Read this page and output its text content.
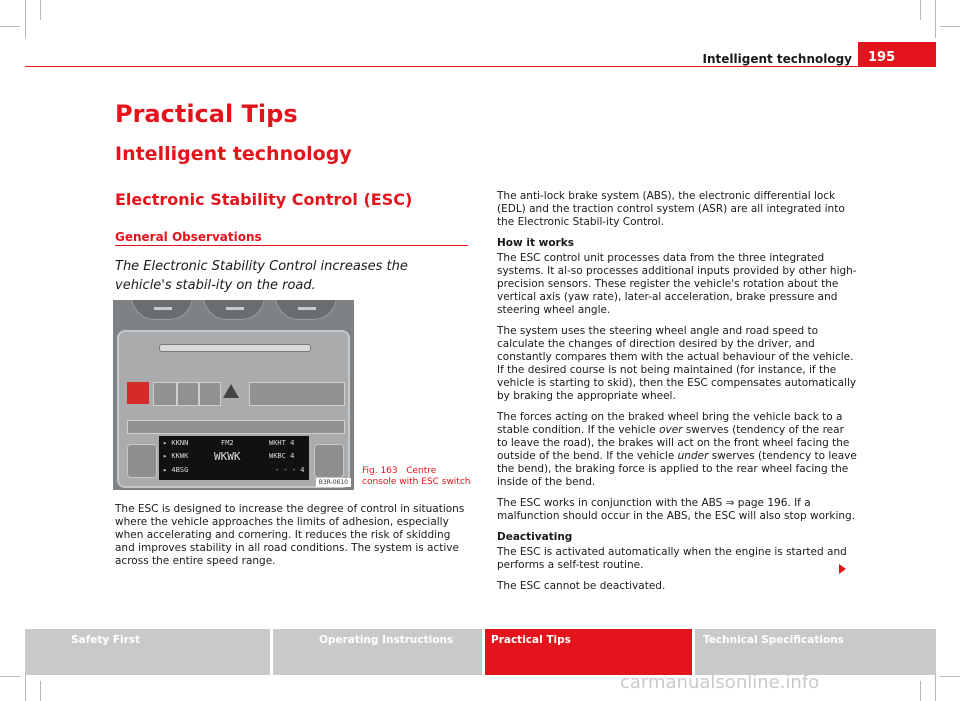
Intelligent technology	195
Practical Tips
Intelligent technology
Electronic Stability Control (ESC)
General Observations
The Electronic Stability Control increases the vehicle's stabil-ity on the road.
▸ KKNN	FM2	WKHT 4
▸ KKWK WKWK	WKBC 4
▸ 4BSG	- - - 4
B3R-0610
Fig. 163 Centre console with ESC switch

The ESC is designed to increase the degree of control in situations where the vehicle approaches the limits of adhesion, especially when accelerating and cornering. It reduces the risk of skidding and improves stability in all road conditions. The system is active across the entire speed range.

The anti-lock brake system (ABS), the electronic differential lock (EDL) and the traction control system (ASR) are all integrated into the Electronic Stabil-ity Control.

How it works

The ESC control unit processes data from the three integrated systems. It al-so processes additional inputs provided by other high-precision sensors. These register the vehicle's rotation about the vertical axis (yaw rate), later-al acceleration, brake pressure and steering wheel angle.

The system uses the steering wheel angle and road speed to calculate the changes of direction desired by the driver, and constantly compares them with the actual behaviour of the vehicle. If the desired course is not being maintained (for instance, if the vehicle is starting to skid), then the ESC compensates automatically by braking the appropriate wheel.

The forces acting on the braked wheel bring the vehicle back to a stable condition. If the vehicle over swerves (tendency of the rear to leave the road), the brakes will act on the front wheel facing the outside of the bend. If the vehicle under swerves (tendency to leave the bend), the braking force is applied to the rear wheel facing the inside of the bend.

The ESC works in conjunction with the ABS ⇒ page 196. If a malfunction should occur in the ABS, the ESC will also stop working.

Deactivating

The ESC is activated automatically when the engine is started and performs a self-test routine.

The ESC cannot be deactivated.

Safety First	Operating Instructions	Practical Tips	Technical Specifications
carmanualsonline.info
